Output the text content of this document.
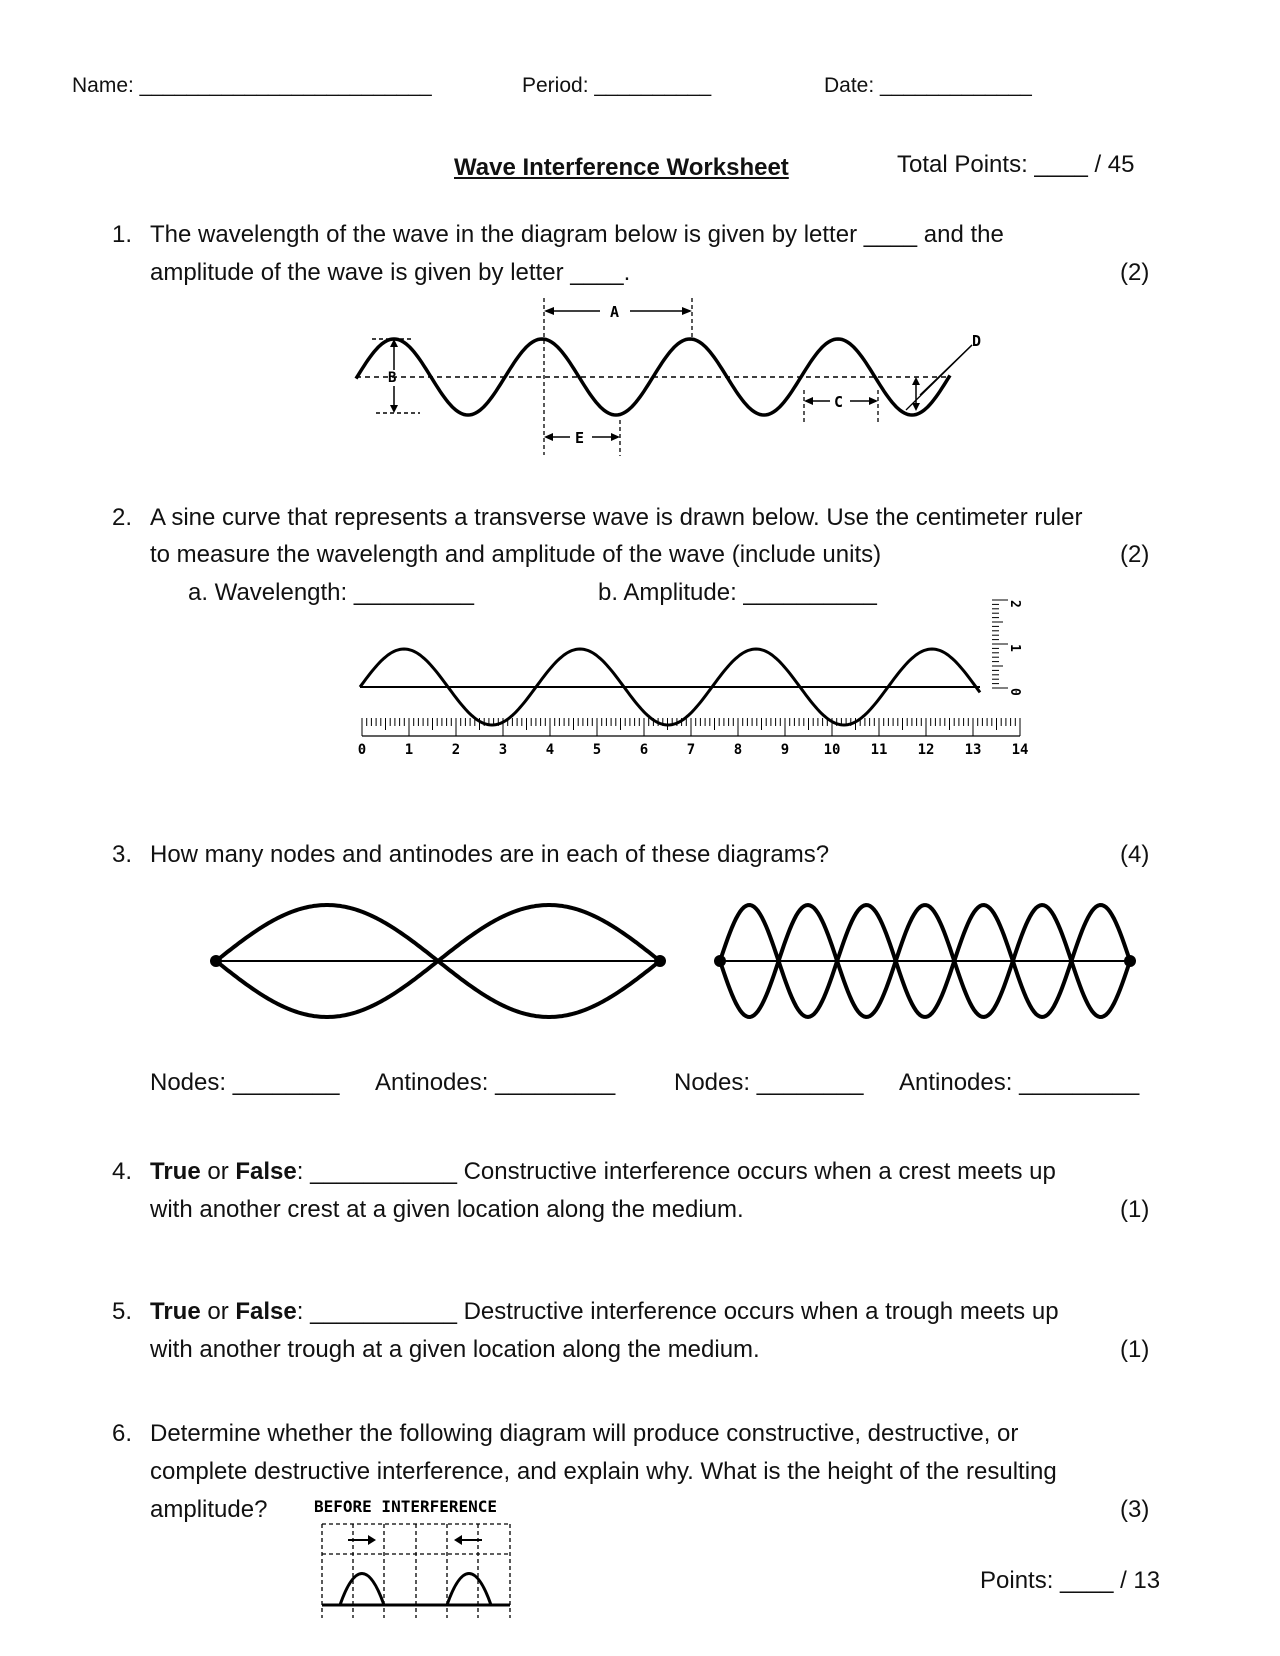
Name: _________________________	Period: __________	Date: _____________
Wave Interference Worksheet	Total Points: ____ / 45
1. The wavelength of the wave in the diagram below is given by letter ____ and the
amplitude of the wave is given by letter ____.	(2)
B
A
E
C
D
2. A sine curve that represents a transverse wave is drawn below. Use the centimeter ruler
to measure the wavelength and amplitude of the wave (include units)	(2)
a. Wavelength: _________	b. Amplitude: __________
0	1	2	3	4	5	6	7	8	9 10 11 12 13 14
0
1
2
3. How many nodes and antinodes are in each of these diagrams?	(4)
Nodes: ________ Antinodes: _________ Nodes: ________ Antinodes: _________
4. True or False: ___________ Constructive interference occurs when a crest meets up
with another crest at a given location along the medium.	(1)
5. True or False: ___________ Destructive interference occurs when a trough meets up
with another trough at a given location along the medium.	(1)
6. Determine whether the following diagram will produce constructive, destructive, or
complete destructive interference, and explain why. What is the height of the resulting
amplitude?	(3)
BEFORE INTERFERENCE
Points: ____ / 13
